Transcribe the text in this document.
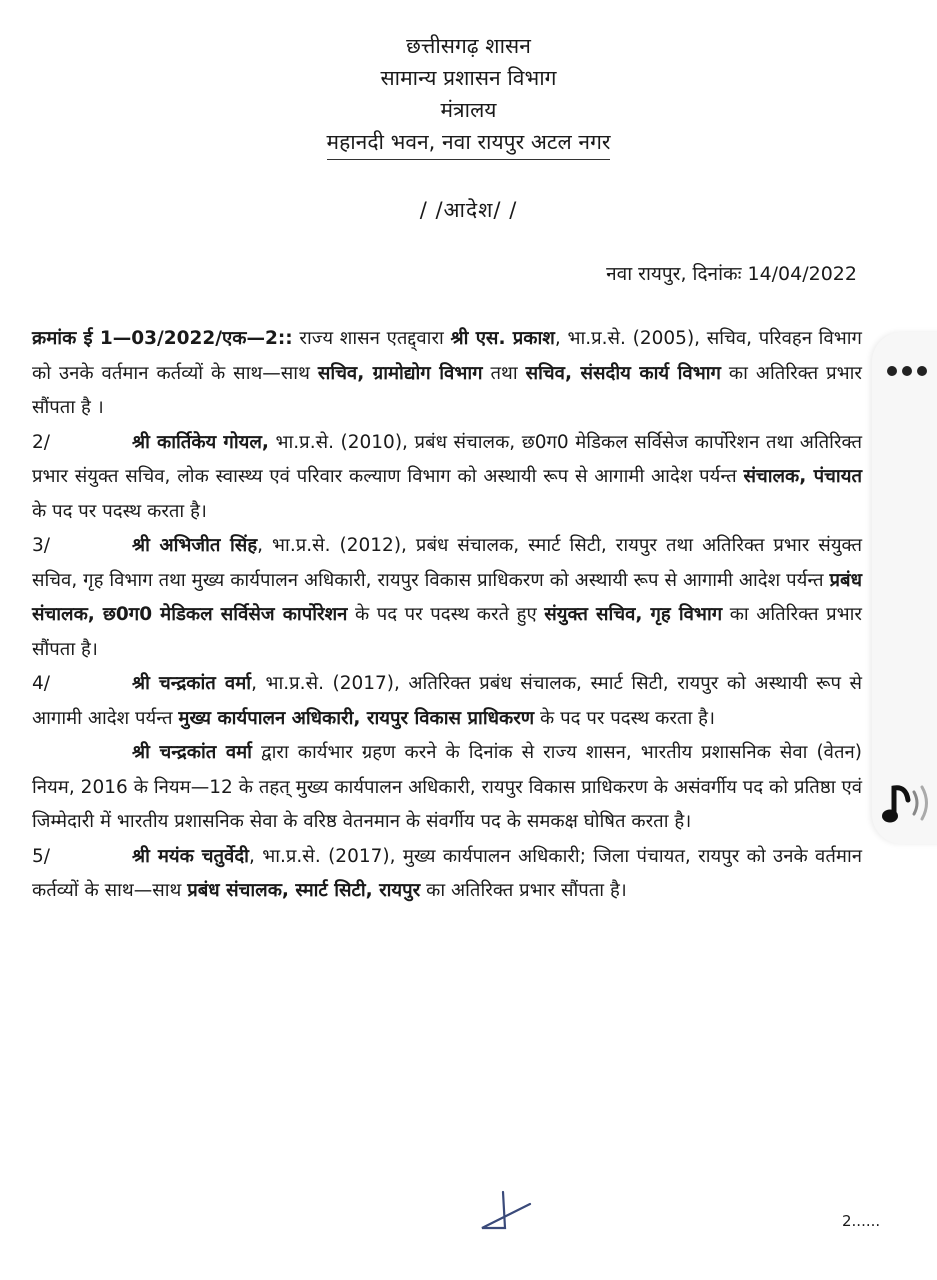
छत्तीसगढ़ शासन
सामान्य प्रशासन विभाग
मंत्रालय
महानदी भवन, नवा रायपुर अटल नगर
/ /आदेश/ /
नवा रायपुर, दिनांकः 14/04/2022

क्रमांक ई 1—03/2022/एक—2:: राज्य शासन एतद्द्वारा श्री एस. प्रकाश, भा.प्र.से. (2005), सचिव, परिवहन विभाग को उनके वर्तमान कर्तव्यों के साथ—साथ सचिव, ग्रामोद्योग विभाग तथा सचिव, संसदीय कार्य विभाग का अतिरिक्त प्रभार सौंपता है ।

2/	श्री कार्तिकेय गोयल, भा.प्र.से. (2010), प्रबंध संचालक, छ0ग0 मेडिकल सर्विसेज कार्पोरेशन तथा अतिरिक्त प्रभार संयुक्त सचिव, लोक स्वास्थ्य एवं परिवार कल्याण विभाग को अस्थायी रूप से आगामी आदेश पर्यन्त संचालक, पंचायत के पद पर पदस्थ करता है।

3/	श्री अभिजीत सिंह, भा.प्र.से. (2012), प्रबंध संचालक, स्मार्ट सिटी, रायपुर तथा अतिरिक्त प्रभार संयुक्त सचिव, गृह विभाग तथा मुख्य कार्यपालन अधिकारी, रायपुर विकास प्राधिकरण को अस्थायी रूप से आगामी आदेश पर्यन्त प्रबंध संचालक, छ0ग0 मेडिकल सर्विसेज कार्पोरेशन के पद पर पदस्थ करते हुए संयुक्त सचिव, गृह विभाग का अतिरिक्त प्रभार सौंपता है।

4/	श्री चन्द्रकांत वर्मा, भा.प्र.से. (2017), अतिरिक्त प्रबंध संचालक, स्मार्ट सिटी, रायपुर को अस्थायी रूप से आगामी आदेश पर्यन्त मुख्य कार्यपालन अधिकारी, रायपुर विकास प्राधिकरण के पद पर पदस्थ करता है।

श्री चन्द्रकांत वर्मा द्वारा कार्यभार ग्रहण करने के दिनांक से राज्य शासन, भारतीय प्रशासनिक सेवा (वेतन) नियम, 2016 के नियम—12 के तहत् मुख्य कार्यपालन अधिकारी, रायपुर विकास प्राधिकरण के असंवर्गीय पद को प्रतिष्ठा एवं जिम्मेदारी में भारतीय प्रशासनिक सेवा के वरिष्ठ वेतनमान के संवर्गीय पद के समकक्ष घोषित करता है।

5/	श्री मयंक चतुर्वेदी, भा.प्र.से. (2017), मुख्य कार्यपालन अधिकारी; जिला पंचायत, रायपुर को उनके वर्तमान कर्तव्यों के साथ—साथ प्रबंध संचालक, स्मार्ट सिटी, रायपुर का अतिरिक्त प्रभार सौंपता है।

2......
